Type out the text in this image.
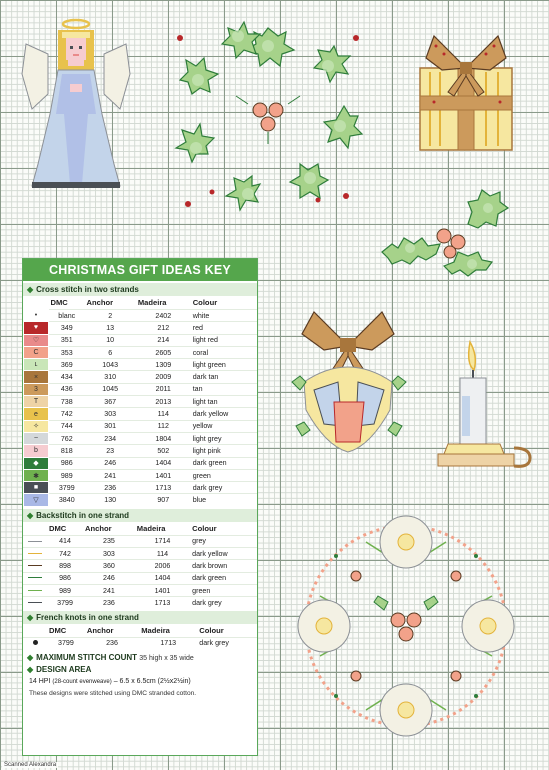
CHRISTMAS GIFT IDEAS KEY
◆ Cross stitch in two strands
	DMC	Anchor	Madeira	Colour
•	blanc	2	2402	white
♥	349	13	212	red
♡	351	10	214	light red
C	353	6	2605	coral
ʟ	369	1043	1309	light green
×	434	310	2009	dark tan
3	436	1045	2011	tan
T	738	367	2013	light tan
e	742	303	114	dark yellow
✧	744	301	112	yellow
~	762	234	1804	light grey
b	818	23	502	light pink
◆	986	246	1404	dark green
✱	989	241	1401	green
■	3799	236	1713	dark grey
▽	3840	130	907	blue
◆ Backstitch in one strand
	DMC	Anchor	Madeira	Colour
	414	235	1714	grey
	742	303	114	dark yellow
	898	360	2006	dark brown
	986	246	1404	dark green
	989	241	1401	green
	3799	236	1713	dark grey
◆ French knots in one strand
	DMC	Anchor	Madeira	Colour
	3799	236	1713	dark grey
◆ MAXIMUM STITCH COUNT 35 high x 35 wide
◆ DESIGN AREA
14 HPI (28-count evenweave) – 6.5 x 6.5cm (2½x2½in)
These designs were stitched using DMC stranded cotton.
Scanned Alexandra
